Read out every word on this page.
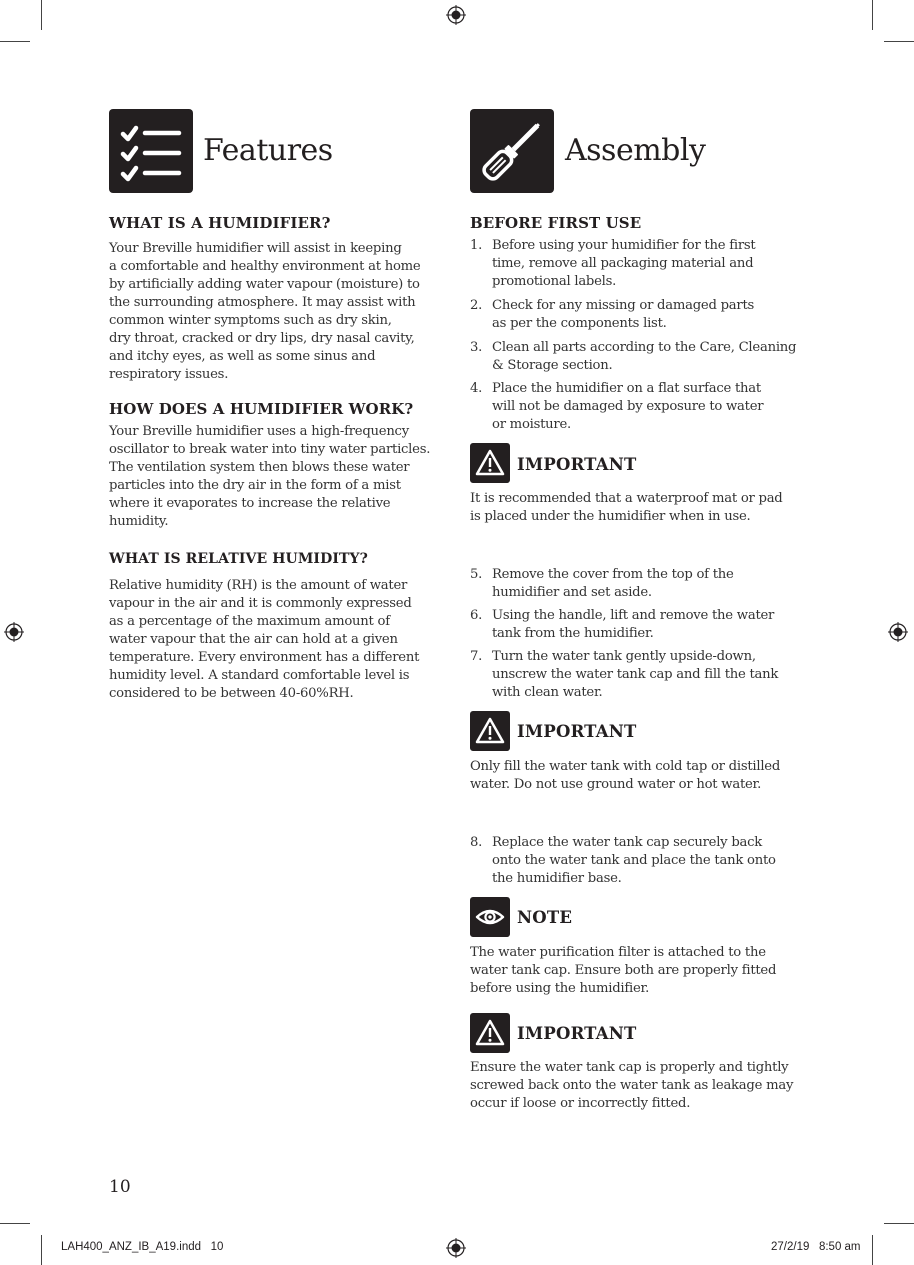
Features
WHAT IS A HUMIDIFIER?

Your Breville humidifier will assist in keeping
a comfortable and healthy environment at home
by artificially adding water vapour (moisture) to
the surrounding atmosphere. It may assist with
common winter symptoms such as dry skin,
dry throat, cracked or dry lips, dry nasal cavity,
and itchy eyes, as well as some sinus and
respiratory issues.

HOW DOES A HUMIDIFIER WORK?

Your Breville humidifier uses a high-frequency
oscillator to break water into tiny water particles.
The ventilation system then blows these water
particles into the dry air in the form of a mist
where it evaporates to increase the relative
humidity.

WHAT IS RELATIVE HUMIDITY?

Relative humidity (RH) is the amount of water
vapour in the air and it is commonly expressed
as a percentage of the maximum amount of
water vapour that the air can hold at a given
temperature. Every environment has a different
humidity level. A standard comfortable level is
considered to be between 40-60%RH.

Assembly
BEFORE FIRST USE
1. Before using your humidifier for the first
time, remove all packaging material and
promotional labels.
2. Check for any missing or damaged parts
as per the components list.
3. Clean all parts according to the Care, Cleaning
& Storage section.
4. Place the humidifier on a flat surface that
will not be damaged by exposure to water
or moisture.
IMPORTANT

It is recommended that a waterproof mat or pad
is placed under the humidifier when in use.

5. Remove the cover from the top of the
humidifier and set aside.
6. Using the handle, lift and remove the water
tank from the humidifier.
7. Turn the water tank gently upside-down,
unscrew the water tank cap and fill the tank
with clean water.
IMPORTANT

Only fill the water tank with cold tap or distilled
water. Do not use ground water or hot water.

8. Replace the water tank cap securely back
onto the water tank and place the tank onto
the humidifier base.
NOTE

The water purification filter is attached to the
water tank cap. Ensure both are properly fitted
before using the humidifier.

IMPORTANT

Ensure the water tank cap is properly and tightly
screwed back onto the water tank as leakage may
occur if loose or incorrectly fitted.

10
LAH400_ANZ_IB_A19.indd   10	27/2/19   8:50 am
